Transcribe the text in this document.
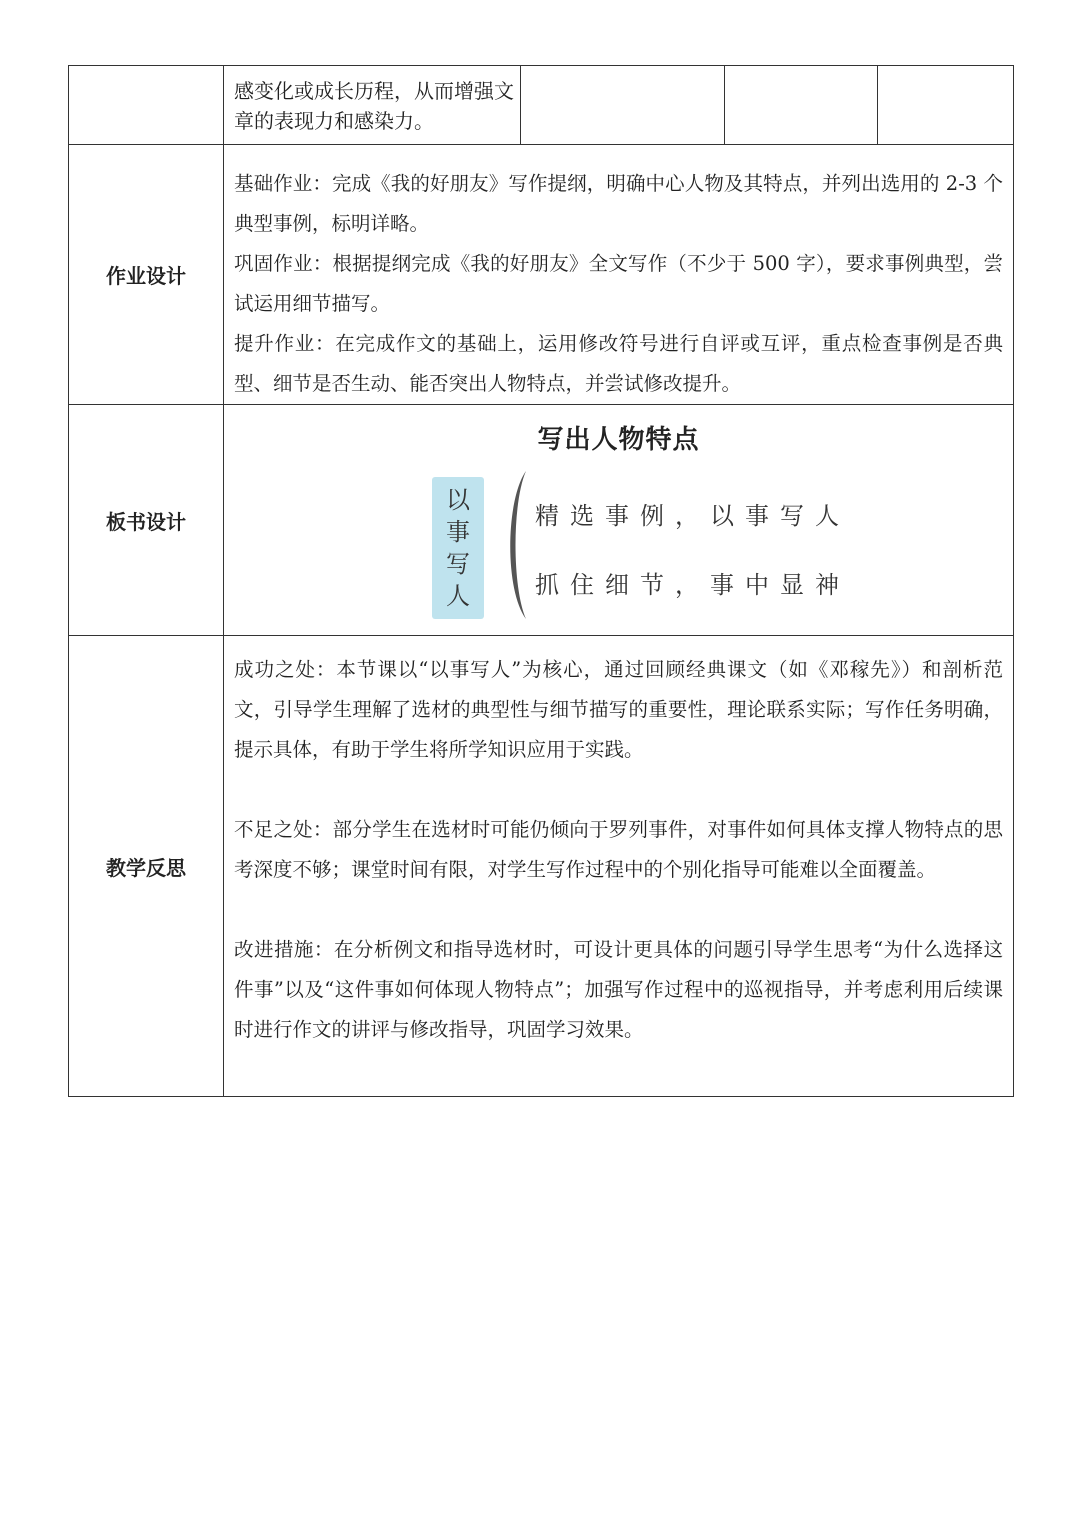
感变化或成长历程，从而增强文章的表现力和感染力。
作业设计

基础作业：完成《我的好朋友》写作提纲，明确中心人物及其特点，并列出选用的 2-3 个典型事例，标明详略。

巩固作业：根据提纲完成《我的好朋友》全文写作（不少于 500 字），要求事例典型，尝试运用细节描写。

提升作业：在完成作文的基础上，运用修改符号进行自评或互评，重点检查事例是否典型、细节是否生动、能否突出人物特点，并尝试修改提升。

板书设计
写出人物特点
以
事
写
人
精选事例，以事写人
抓住细节，事中显神
教学反思

成功之处：本节课以“以事写人”为核心，通过回顾经典课文（如《邓稼先》）和剖析范文，引导学生理解了选材的典型性与细节描写的重要性，理论联系实际；写作任务明确，提示具体，有助于学生将所学知识应用于实践。

不足之处：部分学生在选材时可能仍倾向于罗列事件，对事件如何具体支撑人物特点的思考深度不够；课堂时间有限，对学生写作过程中的个别化指导可能难以全面覆盖。

改进措施：在分析例文和指导选材时，可设计更具体的问题引导学生思考“为什么选择这件事”以及“这件事如何体现人物特点”；加强写作过程中的巡视指导，并考虑利用后续课时进行作文的讲评与修改指导，巩固学习效果。
